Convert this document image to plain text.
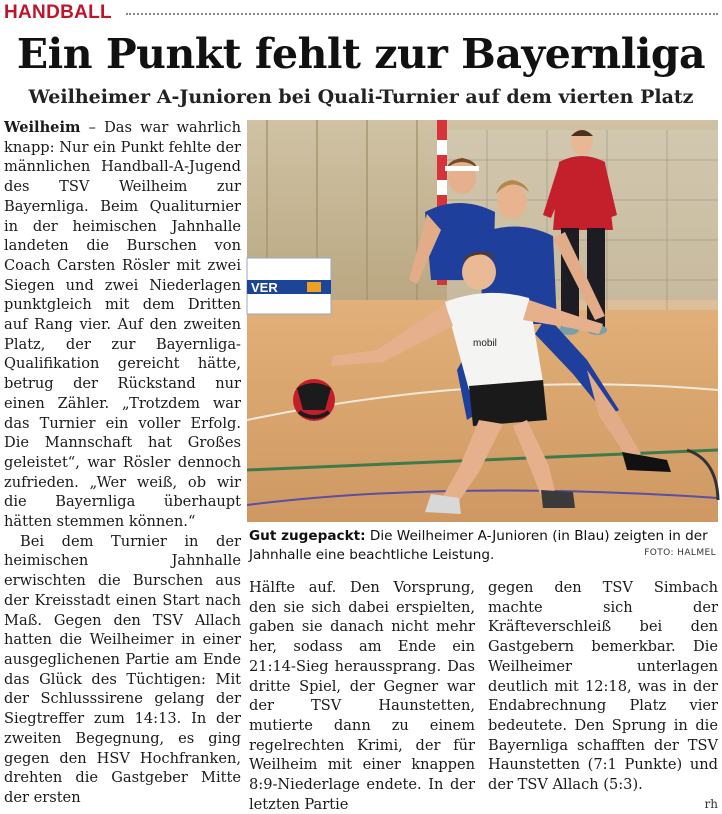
HANDBALL
Ein Punkt fehlt zur Bayernliga
Weilheimer A-Junioren bei Quali-Turnier auf dem vierten Platz

Weilheim – Das war wahrlich knapp: Nur ein Punkt fehlte der männlichen Handball-A-Jugend des TSV Weilheim zur Bayernliga. Beim Qualiturnier in der heimischen Jahnhalle landeten die Burschen von Coach Carsten Rösler mit zwei Siegen und zwei Niederlagen punktgleich mit dem Dritten auf Rang vier. Auf den zweiten Platz, der zur Bayernliga-Qualifikation gereicht hätte, betrug der Rückstand nur einen Zähler. „Trotzdem war das Turnier ein voller Erfolg. Die Mannschaft hat Großes geleistet“, war Rösler dennoch zufrieden. „Wer weiß, ob wir die Bayernliga überhaupt hätten stemmen können.“

Bei dem Turnier in der heimischen Jahnhalle erwischten die Burschen aus der Kreisstadt einen Start nach Maß. Gegen den TSV Allach hatten die Weilheimer in einer ausgeglichenen Partie am Ende das Glück des Tüchtigen: Mit der Schlusssirene gelang der Siegtreffer zum 14:13. In der zweiten Begegnung, es ging gegen den HSV Hochfranken, drehten die Gastgeber Mitte der ersten

VER
mobil
Gut zugepackt: Die Weilheimer A-Junioren (in Blau) zeigten in der Jahnhalle eine beachtliche Leistung.	FOTO: HALMEL

Hälfte auf. Den Vorsprung, den sie sich dabei erspielten, gaben sie danach nicht mehr her, sodass am Ende ein 21:14-Sieg heraussprang. Das dritte Spiel, der Gegner war der TSV Haunstetten, mutierte dann zu einem regelrechten Krimi, der für Weilheim mit einer knappen 8:9-Niederlage endete. In der letzten Partie

gegen den TSV Simbach machte sich der Kräfteverschleiß bei den Gastgebern bemerkbar. Die Weilheimer unterlagen deutlich mit 12:18, was in der Endabrechnung Platz vier bedeutete. Den Sprung in die Bayernliga schafften der TSV Haunstetten (7:1 Punkte) und der TSV Allach (5:3).

rh
